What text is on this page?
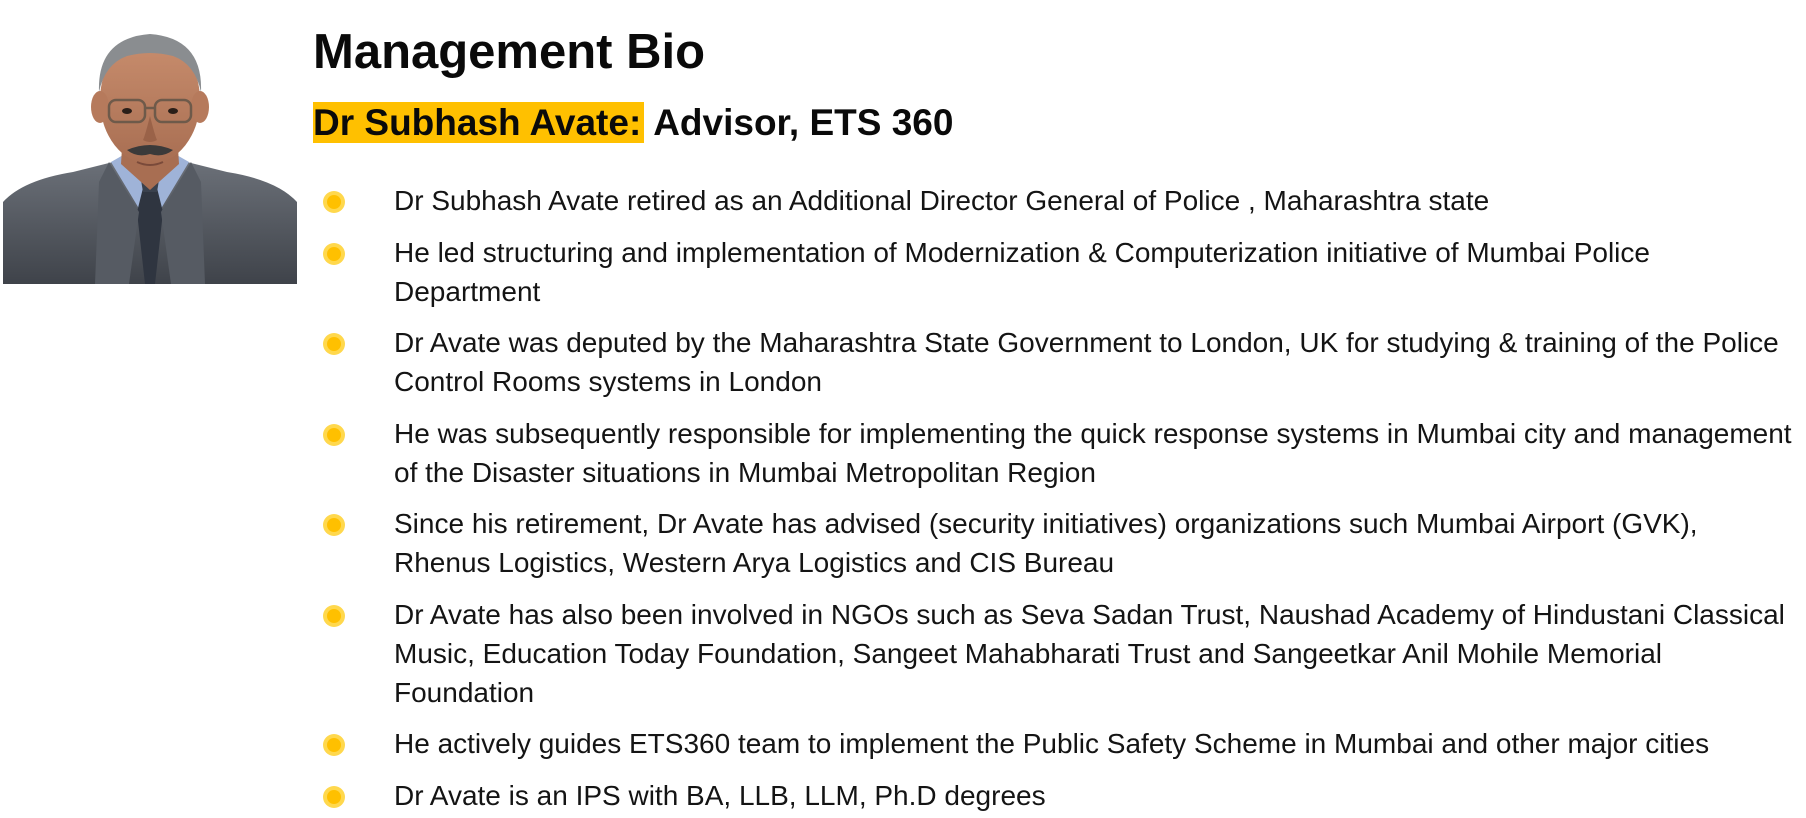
Management Bio
Dr Subhash Avate: Advisor, ETS 360
Dr Subhash Avate retired as an Additional Director General of Police , Maharashtra state
He led structuring and implementation of Modernization & Computerization initiative of Mumbai Police Department
Dr Avate was deputed by the Maharashtra State Government to London, UK for studying & training of the Police Control Rooms systems in London
He was subsequently responsible for implementing the quick response systems in Mumbai city and management of the Disaster situations in Mumbai Metropolitan Region
Since his retirement, Dr Avate has advised (security initiatives) organizations such Mumbai Airport (GVK), Rhenus Logistics, Western Arya Logistics and CIS Bureau
Dr Avate has also been involved in NGOs such as Seva Sadan Trust, Naushad Academy of Hindustani Classical Music, Education Today Foundation, Sangeet Mahabharati Trust and Sangeetkar Anil Mohile Memorial Foundation
He actively guides ETS360 team to implement the Public Safety Scheme in Mumbai and other major cities
Dr Avate is an IPS with BA, LLB, LLM, Ph.D degrees
